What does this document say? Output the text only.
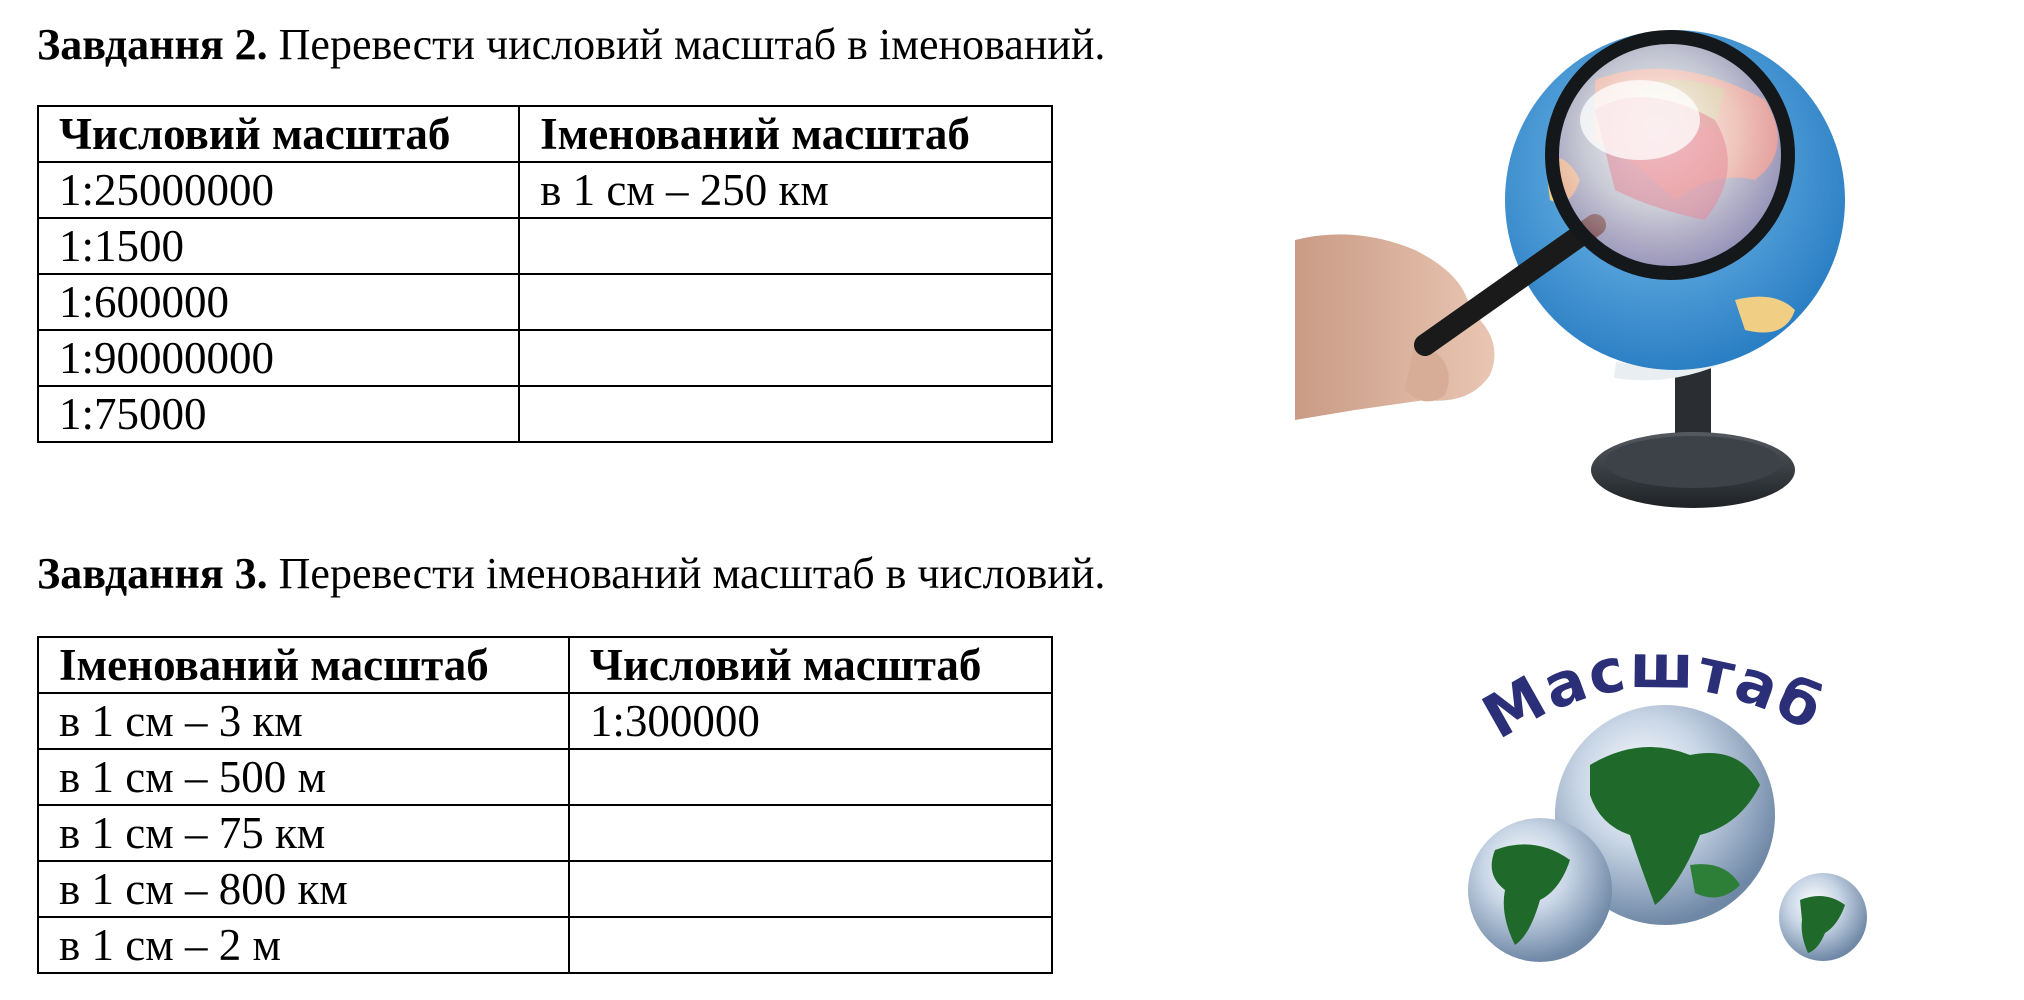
Завдання 2. Перевести числовий масштаб в іменований.
Числовий масштаб	Іменований масштаб
1:25000000	в 1 см – 250 км
1:1500	
1:600000	
1:90000000	
1:75000	
Завдання 3. Перевести іменований масштаб в числовий.
Іменований масштаб	Числовий масштаб
в 1 см – 3 км	1:300000
в 1 см – 500 м	
в 1 см – 75 км	
в 1 см – 800 км	
в 1 см – 2 м	
Масштаб
